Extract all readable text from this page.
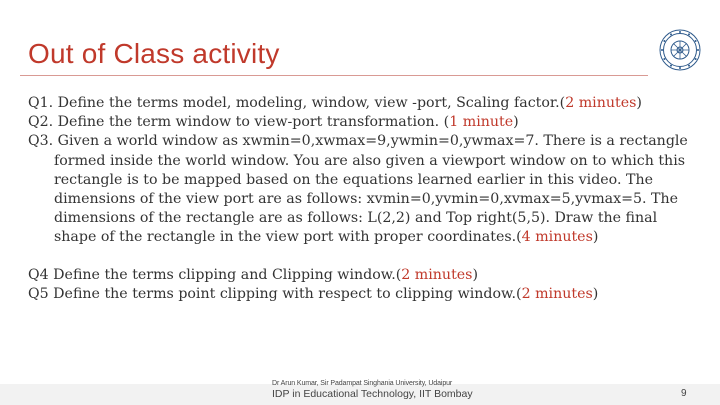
Out of Class activity
Q1. Define the terms model, modeling, window, view -port, Scaling factor.(2 minutes)
Q2. Define the term window to view-port transformation. (1 minute)
Q3. Given a world window as xwmin=0,xwmax=9,ywmin=0,ywmax=7. There is a rectangle
formed inside the world window. You are also given a viewport window on to which this
rectangle is to be mapped based on the equations learned earlier in this video. The
dimensions of the view port are as follows: xvmin=0,yvmin=0,xvmax=5,yvmax=5. The
dimensions of the rectangle are as follows: L(2,2) and Top right(5,5). Draw the final
shape of the rectangle in the view port with proper coordinates.(4 minutes)
Q4 Define the terms clipping and Clipping window.(2 minutes)
Q5 Define the terms point clipping with respect to clipping window.(2 minutes)
Dr Arun Kumar, Sir Padampat Singhania University, Udaipur
IDP in Educational Technology, IIT Bombay	9
